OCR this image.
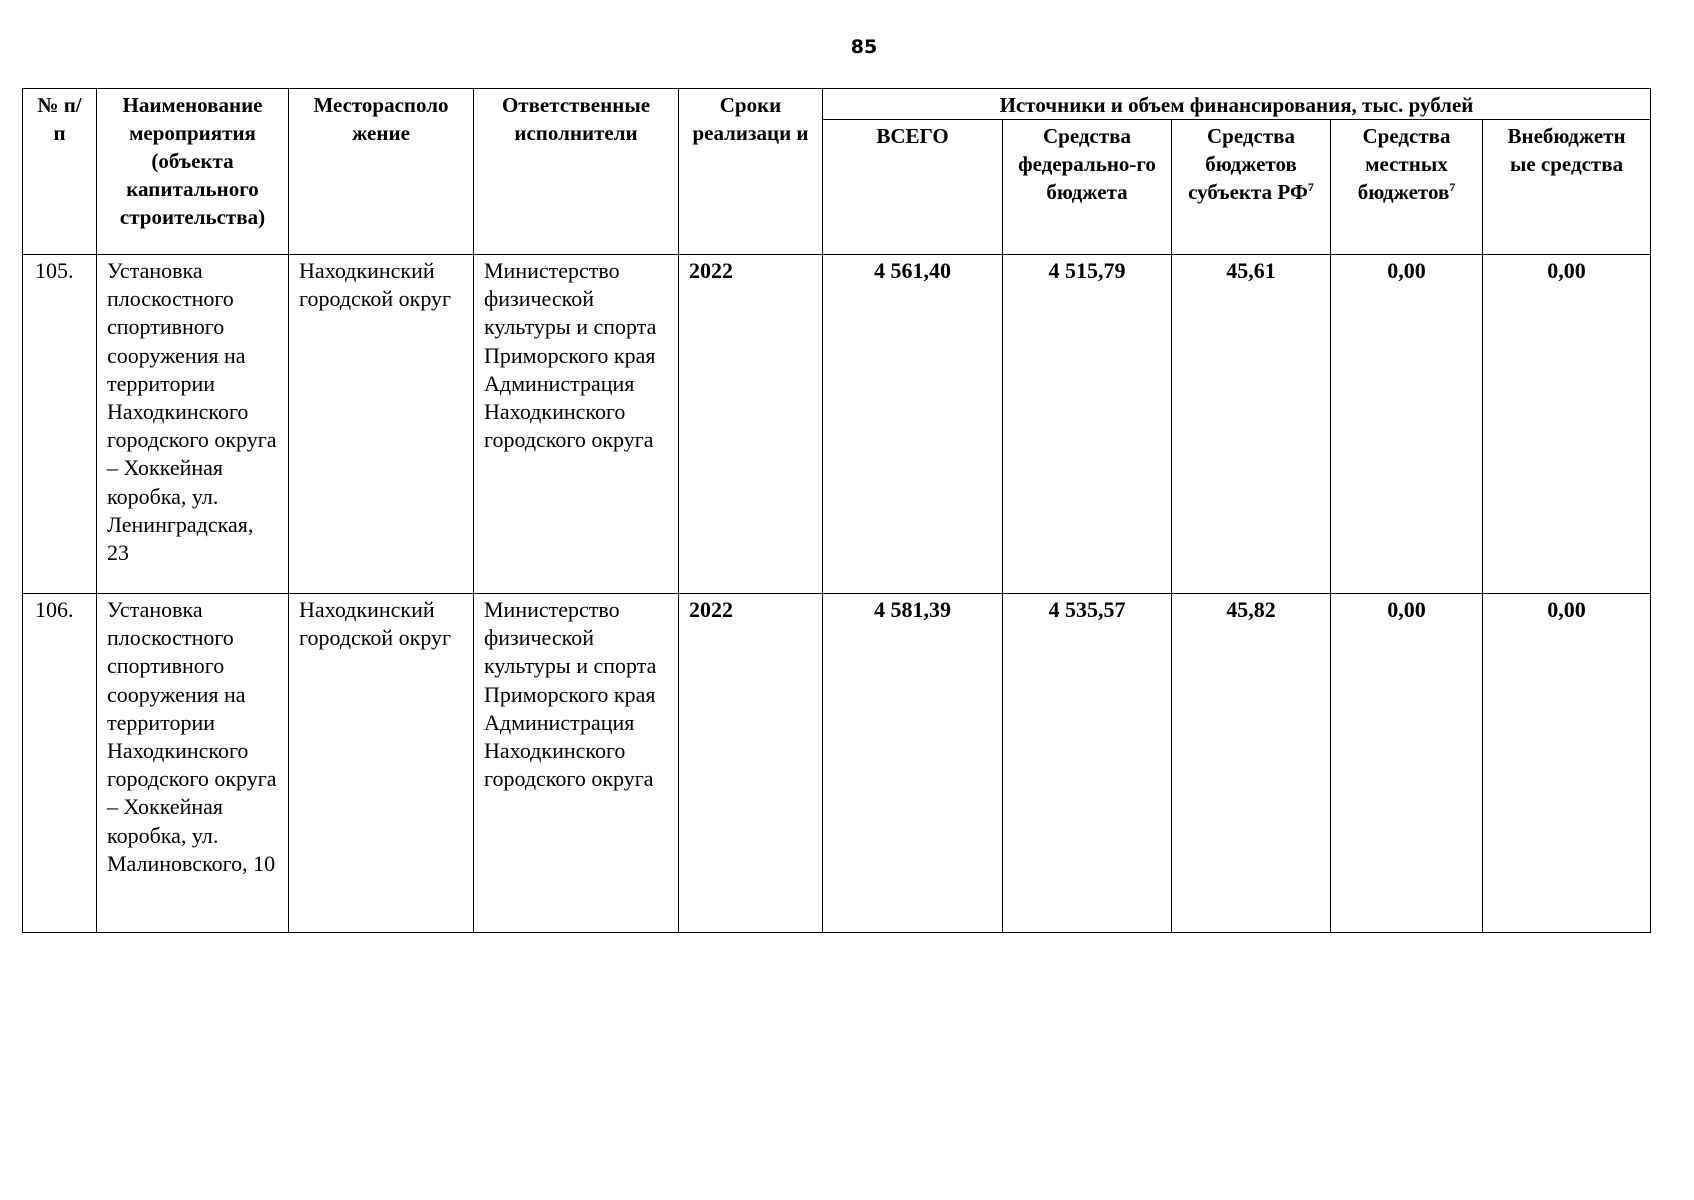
85
№ п/п	Наименование мероприятия (объекта капитального строительства)	Месторасполо жение	Ответственные исполнители	Сроки реализаци и	Источники и объем финансирования, тыс. рублей				
					ВСЕГО	Средства федерально-го бюджета	Средства бюджетов субъекта $РФ^7$	Средства местных бюджетов$^7$	Внебюджетн ые средства
105.	Установка плоскостного спортивного сооружения на территории Находкинского городского округа – Хоккейная коробка, ул. Ленинградская, 23	Находкинский городской округ	Министерство физической культуры и спорта Приморского края Администрация Находкинского городского округа	2022	4 561,40	4 515,79	45,61	0,00	0,00
106.	Установка плоскостного спортивного сооружения на территории Находкинского городского округа – Хоккейная коробка, ул. Малиновского, 10	Находкинский городской округ	Министерство физической культуры и спорта Приморского края Администрация Находкинского городского округа	2022	4 581,39	4 535,57	45,82	0,00	0,00
